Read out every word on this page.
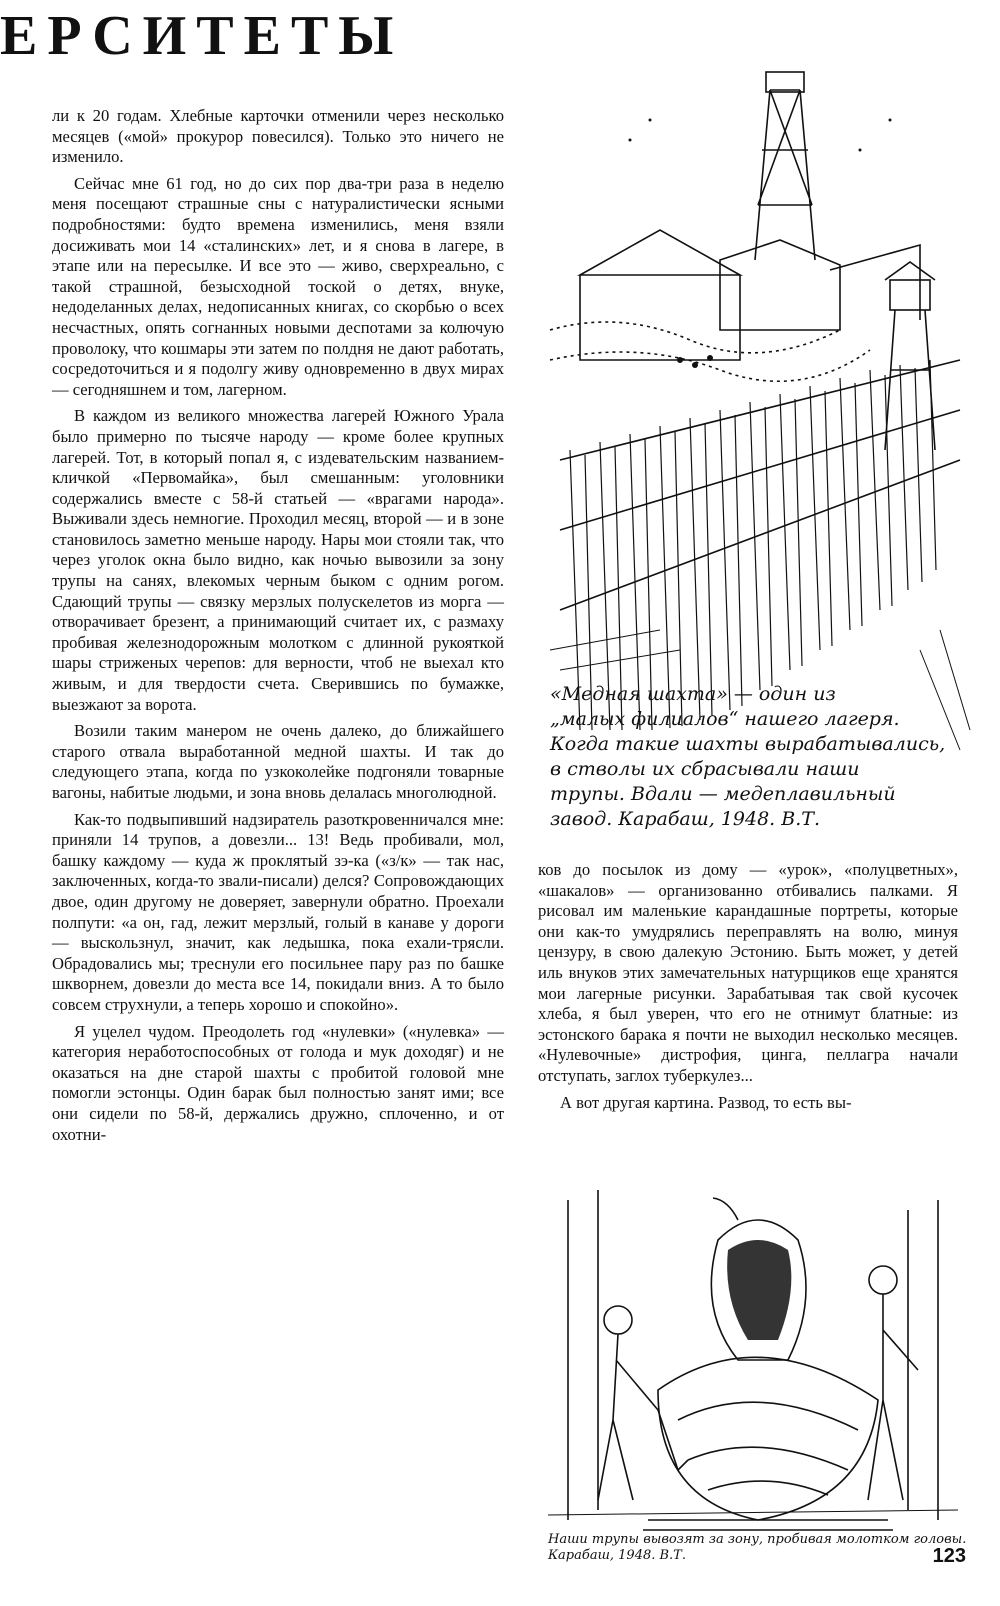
ЕРСИТЕТЫ

ли к 20 годам. Хлебные карточки отменили через несколько месяцев («мой» прокурор повесился). Только это ничего не изменило.

Сейчас мне 61 год, но до сих пор два-три раза в неделю меня посещают страшные сны с натуралистически ясными подробностями: будто времена изменились, меня взяли досиживать мои 14 «сталинских» лет, и я снова в лагере, в этапе или на пересылке. И все это — живо, сверхреально, с такой страшной, безысходной тоской о детях, внуке, недоделанных делах, недописанных книгах, со скорбью о всех несчастных, опять согнанных новыми деспотами за колючую проволоку, что кошмары эти затем по полдня не дают работать, сосредоточиться и я подолгу живу одновременно в двух мирах — сегодняшнем и том, лагерном.

В каждом из великого множества лагерей Южного Урала было примерно по тысяче народу — кроме более крупных лагерей. Тот, в который попал я, с издевательским названием-кличкой «Первомайка», был смешанным: уголовники содержались вместе с 58-й статьей — «врагами народа». Выживали здесь немногие. Проходил месяц, второй — и в зоне становилось заметно меньше народу. Нары мои стояли так, что через уголок окна было видно, как ночью вывозили за зону трупы на санях, влекомых черным быком с одним рогом. Сдающий трупы — связку мерзлых полускелетов из морга — отворачивает брезент, а принимающий считает их, с размаху пробивая железнодорожным молотком с длинной рукояткой шары стриженых черепов: для верности, чтоб не выехал кто живым, и для твердости счета. Сверившись по бумажке, выезжают за ворота.

Возили таким манером не очень далеко, до ближайшего старого отвала выработанной медной шахты. И так до следующего этапа, когда по узкоколейке подгоняли товарные вагоны, набитые людьми, и зона вновь делалась многолюдной.

Как-то подвыпивший надзиратель разоткровенничался мне: приняли 14 трупов, а довезли... 13! Ведь пробивали, мол, башку каждому — куда ж проклятый зэ-ка («з/к» — так нас, заключенных, когда-то звали-писали) делся? Сопровождающих двое, один другому не доверяет, завернули обратно. Проехали полпути: «а он, гад, лежит мерзлый, голый в канаве у дороги — выскользнул, значит, как ледышка, пока ехали-трясли. Обрадовались мы; треснули его посильнее пару раз по башке шкворнем, довезли до места все 14, покидали вниз. А то было совсем струхнули, а теперь хорошо и спокойно».

Я уцелел чудом. Преодолеть год «нулевки» («нулевка» — категория неработоспособных от голода и мук доходяг) и не оказаться на дне старой шахты с пробитой головой мне помогли эстонцы. Один барак был полностью занят ими; все они сидели по 58-й, держались дружно, сплоченно, и от охотни-

«Медная шахта» — один из
„малых филиалов“ нашего лагеря.
Когда такие шахты вырабатывались,
в стволы их сбрасывали наши
трупы. Вдали — медеплавильный
завод. Карабаш, 1948. В.Т.

ков до посылок из дому — «урок», «полуцветных», «шакалов» — организованно отбивались палками. Я рисовал им маленькие карандашные портреты, которые они как-то умудрялись переправлять на волю, минуя цензуру, в свою далекую Эстонию. Быть может, у детей иль внуков этих замечательных натурщиков еще хранятся мои лагерные рисунки. Зарабатывая так свой кусочек хлеба, я был уверен, что его не отнимут блатные: из эстонского барака я почти не выходил несколько месяцев. «Нулевочные» дистрофия, цинга, пеллагра начали отступать, заглох туберкулез...

А вот другая картина. Развод, то есть вы-

Наши трупы вывозят за зону, пробивая молотком головы.
Карабаш, 1948. В.Т.	123
